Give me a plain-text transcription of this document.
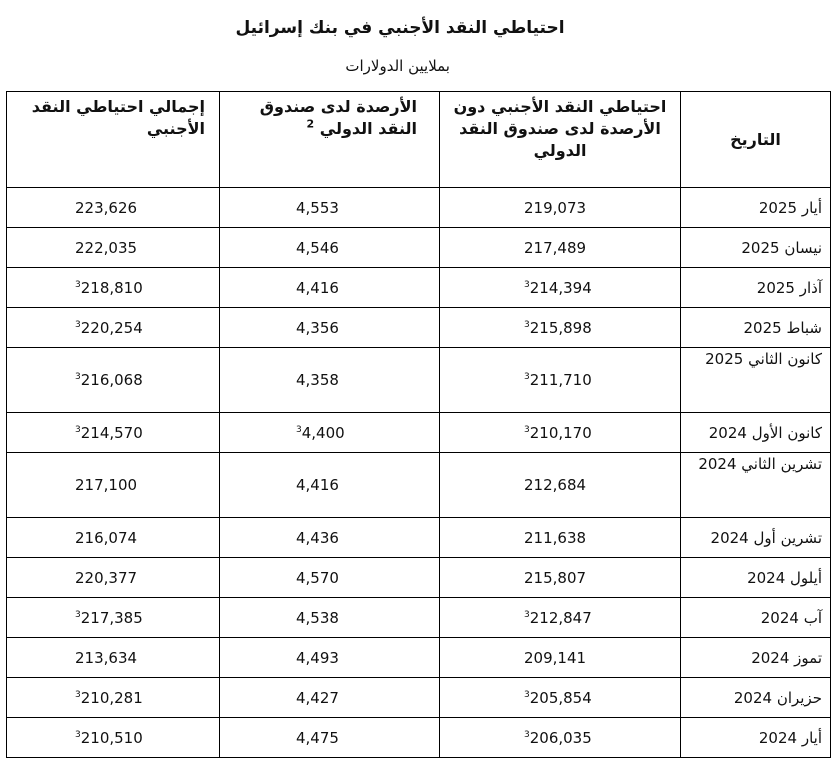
احتياطي النقد الأجنبي في بنك إسرائيل
بملايين الدولارات
التاريخ	احتياطي النقد الأجنبي دون الأرصدة لدى صندوق النقد الدولي	الأرصدة لدى صندوق النقد الدولي $^2$	إجمالي احتياطي النقد الأجنبي
أيار 2025	219,073	4,553	223,626
نيسان 2025	217,489	4,546	222,035
آذار 2025	$^3$214,394	4,416	$^3$218,810
شباط 2025	$^3$215,898	4,356	$^3$220,254
كانون الثاني 2025	$^3$211,710	4,358	$^3$216,068
كانون الأول 2024	$^3$210,170	$^3$4,400	$^3$214,570
تشرين الثاني 2024	212,684	4,416	217,100
تشرين أول 2024	211,638	4,436	216,074
أيلول 2024	215,807	4,570	220,377
آب 2024	$^3$212,847	4,538	$^3$217,385
تموز 2024	209,141	4,493	213,634
حزيران 2024	$^3$205,854	4,427	$^3$210,281
أيار 2024	$^3$206,035	4,475	$^3$210,510
